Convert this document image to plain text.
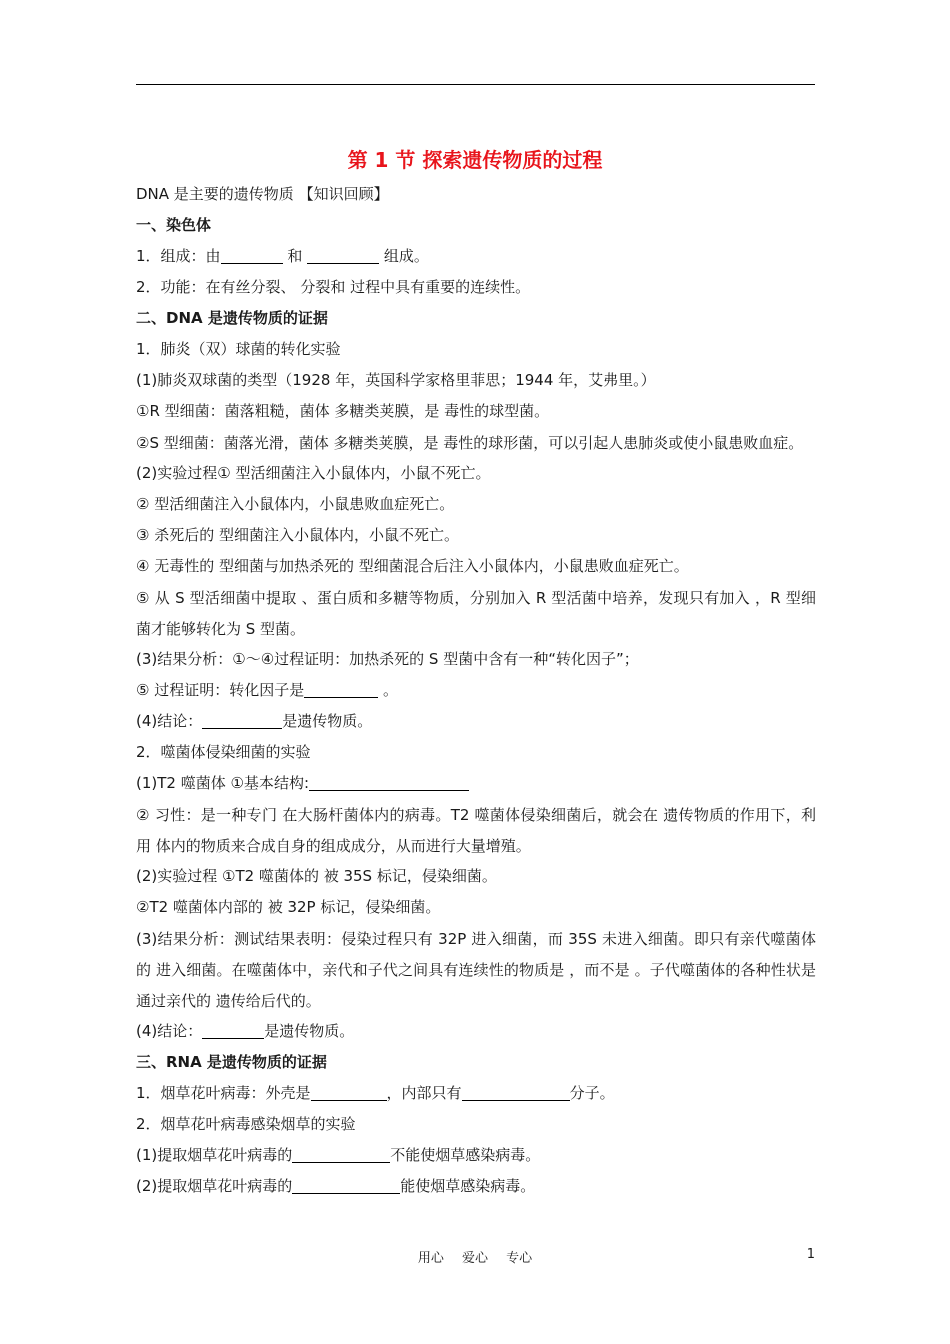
第 1 节 探索遗传物质的过程
DNA 是主要的遗传物质 【知识回顾】
一、染色体
1．组成：由	和	组成。
2．功能：在有丝分裂、 分裂和 过程中具有重要的连续性。
二、DNA 是遗传物质的证据
1．肺炎（双）球菌的转化实验
(1)肺炎双球菌的类型（1928 年，英国科学家格里菲思；1944 年，艾弗里。）
①R 型细菌：菌落粗糙，菌体 多糖类荚膜，是 毒性的球型菌。
②S 型细菌：菌落光滑，菌体 多糖类荚膜，是 毒性的球形菌，可以引起人患肺炎或使小鼠患败血症。
(2)实验过程① 型活细菌注入小鼠体内，小鼠不死亡。
② 型活细菌注入小鼠体内，小鼠患败血症死亡。
③ 杀死后的 型细菌注入小鼠体内，小鼠不死亡。
④ 无毒性的 型细菌与加热杀死的 型细菌混合后注入小鼠体内，小鼠患败血症死亡。
⑤ 从 S 型活细菌中提取 、蛋白质和多糖等物质，分别加入 R 型活菌中培养，发现只有加入 ，R 型细菌才能够转化为 S 型菌。
(3)结果分析：①～④过程证明：加热杀死的 S 型菌中含有一种“转化因子”；
⑤ 过程证明：转化因子是	。
(4)结论：	是遗传物质。
2．噬菌体侵染细菌的实验
(1)T2 噬菌体 ①基本结构:
② 习性：是一种专门 在大肠杆菌体内的病毒。T2 噬菌体侵染细菌后，就会在 遗传物质的作用下，利用 体内的物质来合成自身的组成成分，从而进行大量增殖。
(2)实验过程 ①T2 噬菌体的 被 35S 标记，侵染细菌。
②T2 噬菌体内部的 被 32P 标记，侵染细菌。
(3)结果分析：测试结果表明：侵染过程只有 32P 进入细菌，而 35S 未进入细菌。即只有亲代噬菌体的 进入细菌。在噬菌体中，亲代和子代之间具有连续性的物质是 ，而不是 。子代噬菌体的各种性状是通过亲代的 遗传给后代的。
(4)结论：	是遗传物质。
三、RNA 是遗传物质的证据
1．烟草花叶病毒：外壳是	，内部只有	分子。
2．烟草花叶病毒感染烟草的实验
(1)提取烟草花叶病毒的	不能使烟草感染病毒。
(2)提取烟草花叶病毒的	能使烟草感染病毒。
用心 爱心 专心	1
